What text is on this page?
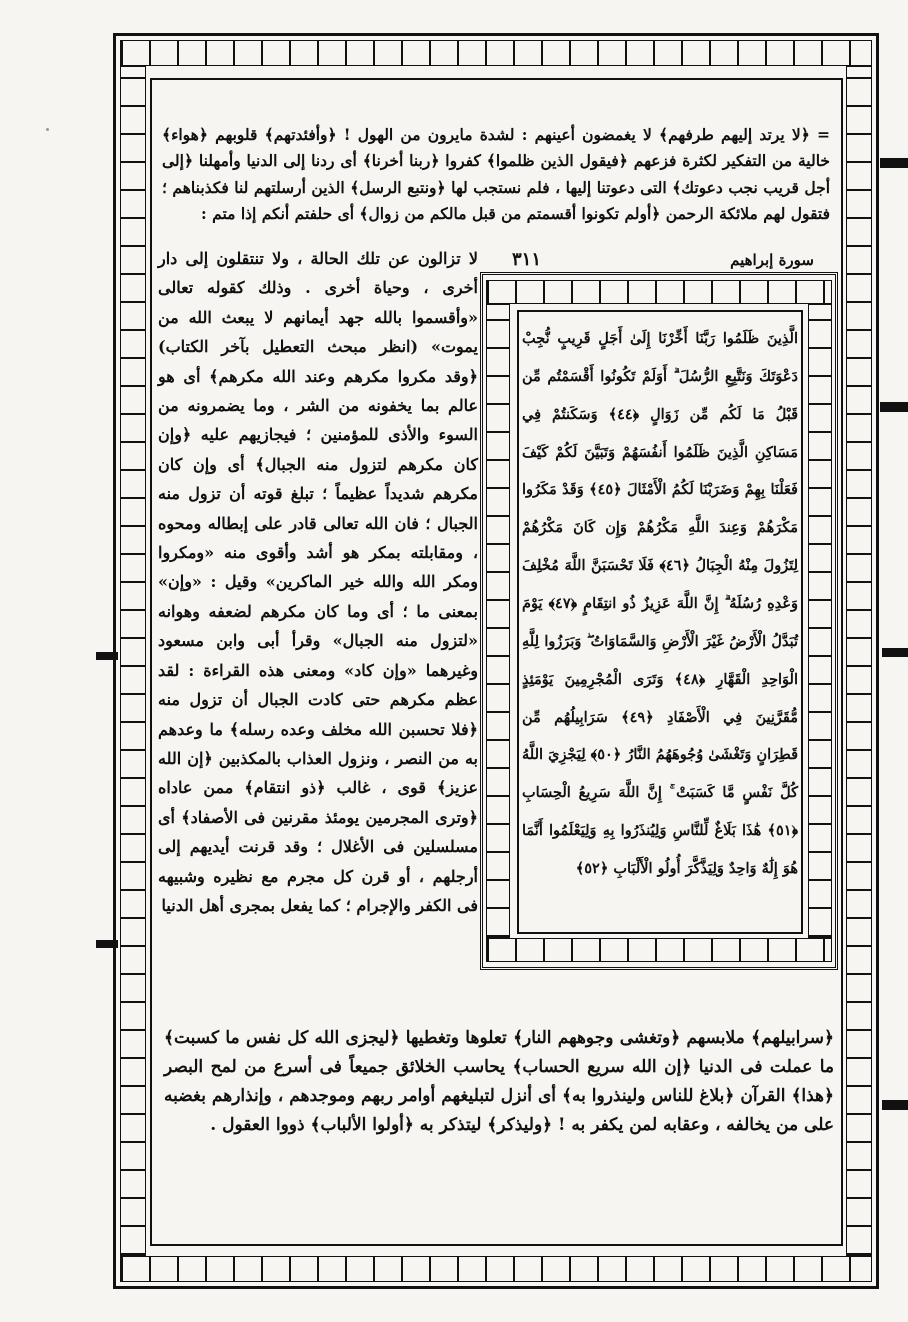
= ﴿لا يرتد إليهم طرفهم﴾ لا يغمضون أعينهم : لشدة مايرون من الهول ! ﴿وأفئدتهم﴾ قلوبهم ﴿هواء﴾ خالية من التفكير لكثرة فزعهم ﴿فيقول الذين ظلموا﴾ كفروا ﴿ربنا أخرنا﴾ أى ردنا إلى الدنيا وأمهلنا ﴿إلى أجل قريب نجب دعوتك﴾ التى دعوتنا إليها ، فلم نستجب لها ﴿ونتبع الرسل﴾ الذين أرسلتهم لنا فكذبناهم ؛ فتقول لهم ملائكة الرحمن ﴿أولم تكونوا أقسمتم من قبل مالكم من زوال﴾ أى حلفتم أنكم إذا متم :
سورة إبراهيم
٣١١
الَّذِينَ ظَلَمُوا رَبَّنَا أَخِّرْنَا إِلَىٰ أَجَلٍ قَرِيبٍ نُّجِبْ دَعْوَتَكَ وَنَتَّبِعِ الرُّسُلَ ۗ أَوَلَمْ تَكُونُوا أَقْسَمْتُم مِّن قَبْلُ مَا لَكُم مِّن زَوَالٍ ﴿٤٤﴾ وَسَكَنتُمْ فِي مَسَاكِنِ الَّذِينَ ظَلَمُوا أَنفُسَهُمْ وَتَبَيَّنَ لَكُمْ كَيْفَ فَعَلْنَا بِهِمْ وَضَرَبْنَا لَكُمُ الْأَمْثَالَ ﴿٤٥﴾ وَقَدْ مَكَرُوا مَكْرَهُمْ وَعِندَ اللَّهِ مَكْرُهُمْ وَإِن كَانَ مَكْرُهُمْ لِتَزُولَ مِنْهُ الْجِبَالُ ﴿٤٦﴾ فَلَا تَحْسَبَنَّ اللَّهَ مُخْلِفَ وَعْدِهِ رُسُلَهُ ۗ إِنَّ اللَّهَ عَزِيزٌ ذُو انتِقَامٍ ﴿٤٧﴾ يَوْمَ تُبَدَّلُ الْأَرْضُ غَيْرَ الْأَرْضِ وَالسَّمَاوَاتُ ۖ وَبَرَزُوا لِلَّهِ الْوَاحِدِ الْقَهَّارِ ﴿٤٨﴾ وَتَرَى الْمُجْرِمِينَ يَوْمَئِذٍ مُّقَرَّنِينَ فِي الْأَصْفَادِ ﴿٤٩﴾ سَرَابِيلُهُم مِّن قَطِرَانٍ وَتَغْشَىٰ وُجُوهَهُمُ النَّارُ ﴿٥٠﴾ لِيَجْزِيَ اللَّهُ كُلَّ نَفْسٍ مَّا كَسَبَتْ ۚ إِنَّ اللَّهَ سَرِيعُ الْحِسَابِ ﴿٥١﴾ هَٰذَا بَلَاغٌ لِّلنَّاسِ وَلِيُنذَرُوا بِهِ وَلِيَعْلَمُوا أَنَّمَا هُوَ إِلَٰهٌ وَاحِدٌ وَلِيَذَّكَّرَ أُولُو الْأَلْبَابِ ﴿٥٢﴾
لا تزالون عن تلك الحالة ، ولا تنتقلون إلى دار أخرى ، وحياة أخرى . وذلك كقوله تعالى «وأقسموا بالله جهد أيمانهم لا يبعث الله من يموت» (انظر مبحث التعطيل بآخر الكتاب) ﴿وقد مكروا مكرهم وعند الله مكرهم﴾ أى هو عالم بما يخفونه من الشر ، وما يضمرونه من السوء والأذى للمؤمنين ؛ فيجازيهم عليه ﴿وإن كان مكرهم لتزول منه الجبال﴾ أى وإن كان مكرهم شديداً عظيماً ؛ تبلغ قوته أن تزول منه الجبال ؛ فان الله تعالى قادر على إبطاله ومحوه ، ومقابلته بمكر هو أشد وأقوى منه «ومكروا ومكر الله والله خير الماكرين» وقيل : «وإن» بمعنى ما ؛ أى وما كان مكرهم لضعفه وهوانه «لتزول منه الجبال» وقرأ أبى وابن مسعود وغيرهما «وإن كاد» ومعنى هذه القراءة : لقد عظم مكرهم حتى كادت الجبال أن تزول منه ﴿فلا تحسبن الله مخلف وعده رسله﴾ ما وعدهم به من النصر ، ونزول العذاب بالمكذبين ﴿إن الله عزيز﴾ قوى ، غالب ﴿ذو انتقام﴾ ممن عاداه ﴿وترى المجرمين يومئذ مقرنين فى الأصفاد﴾ أى مسلسلين فى الأغلال ؛ وقد قرنت أيديهم إلى أرجلهم ، أو قرن كل مجرم مع نظيره وشبيهه فى الكفر والإجرام ؛ كما يفعل بمجرى أهل الدنيا
﴿سرابيلهم﴾ ملابسهم ﴿وتغشى وجوههم النار﴾ تعلوها وتغطيها ﴿ليجزى الله كل نفس ما كسبت﴾ ما عملت فى الدنيا ﴿إن الله سريع الحساب﴾ يحاسب الخلائق جميعاً فى أسرع من لمح البصر ﴿هذا﴾ القرآن ﴿بلاغ للناس ولينذروا به﴾ أى أنزل لتبليغهم أوامر ربهم وموجدهم ، وإنذارهم بغضبه على من يخالفه ، وعقابه لمن يكفر به ! ﴿وليذكر﴾ ليتذكر به ﴿أولوا الألباب﴾ ذووا العقول .
